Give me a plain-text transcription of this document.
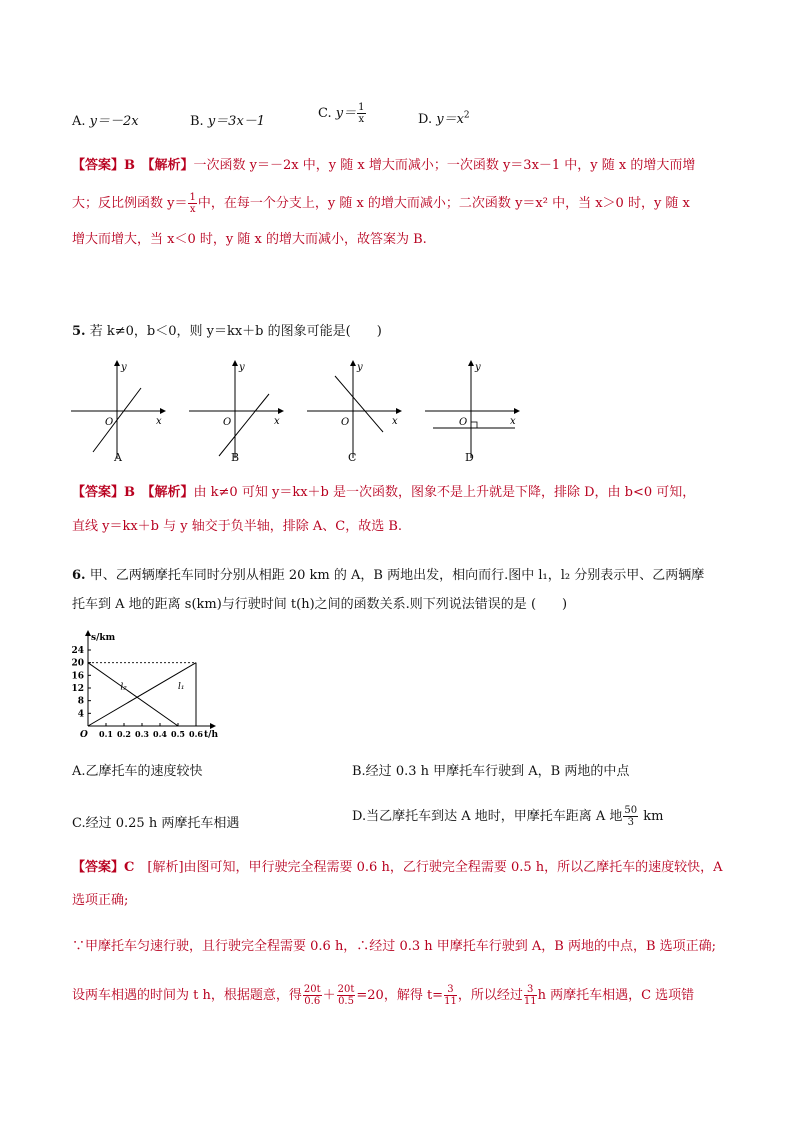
A. y＝－2x	B. y＝3x－1
C. $y= \frac{1}{x}$	D. $y=x^2$
【答案】B　 【解析】一次函数 y＝－2x 中，y 随 x 增大而减小；一次函数 y＝3x－1 中，y 随 x 的增大而增
大；反比例函数 $y= \frac{1}{x}$ 中，在每一个分支上，y 随 x 的增大而减小；二次函数 y＝x² 中，当 x＞0 时，y 随 x
增大而增大，当 x＜0 时，y 随 x 的增大而减小，故答案为 B.
5. 若 k≠0，b＜0，则 y＝kx＋b 的图象可能是(　　)
y
x
O
y
x
O
y
x
O
y
x
O
A	B	C	D
【答案】B　 【解析】由 k≠0 可知 y＝kx＋b 是一次函数，图象不是上升就是下降，排除 D，由 b<0 可知，
直线 y＝kx＋b 与 y 轴交于负半轴，排除 A、C，故选 B.
6. 甲、乙两辆摩托车同时分别从相距 20 km 的 A，B 两地出发，相向而行.图中 l₁，l₂ 分别表示甲、乙两辆摩
托车到 A 地的距离 s(km)与行驶时间 t(h)之间的函数关系.则下列说法错误的是 (　　)
24
20
16
12
8
4
0.1 0.2 0.3 0.4 0.5 0.6
O
s/km
t/h
l₁
l₂
A.乙摩托车的速度较快	B.经过 0.3 h 甲摩托车行驶到 A，B 两地的中点
C.经过 0.25 h 两摩托车相遇	D.当乙摩托车到达 A 地时，甲摩托车距离 A 地 $\frac{50}{3}$ km
【答案】C　 [解析]由图可知，甲行驶完全程需要 0.6 h，乙行驶完全程需要 0.5 h，所以乙摩托车的速度较快，A
选项正确;
∵甲摩托车匀速行驶，且行驶完全程需要 0.6 h，∴经过 0.3 h 甲摩托车行驶到 A，B 两地的中点，B 选项正确;
设两车相遇的时间为 t h，根据题意，得 $\frac{20t}{0.6} + \frac{20t}{0.5} =20$，解得 $t= \frac{3}{11}$ ，所以经过 $\frac{3}{11}$ h 两摩托车相遇，C 选项错
